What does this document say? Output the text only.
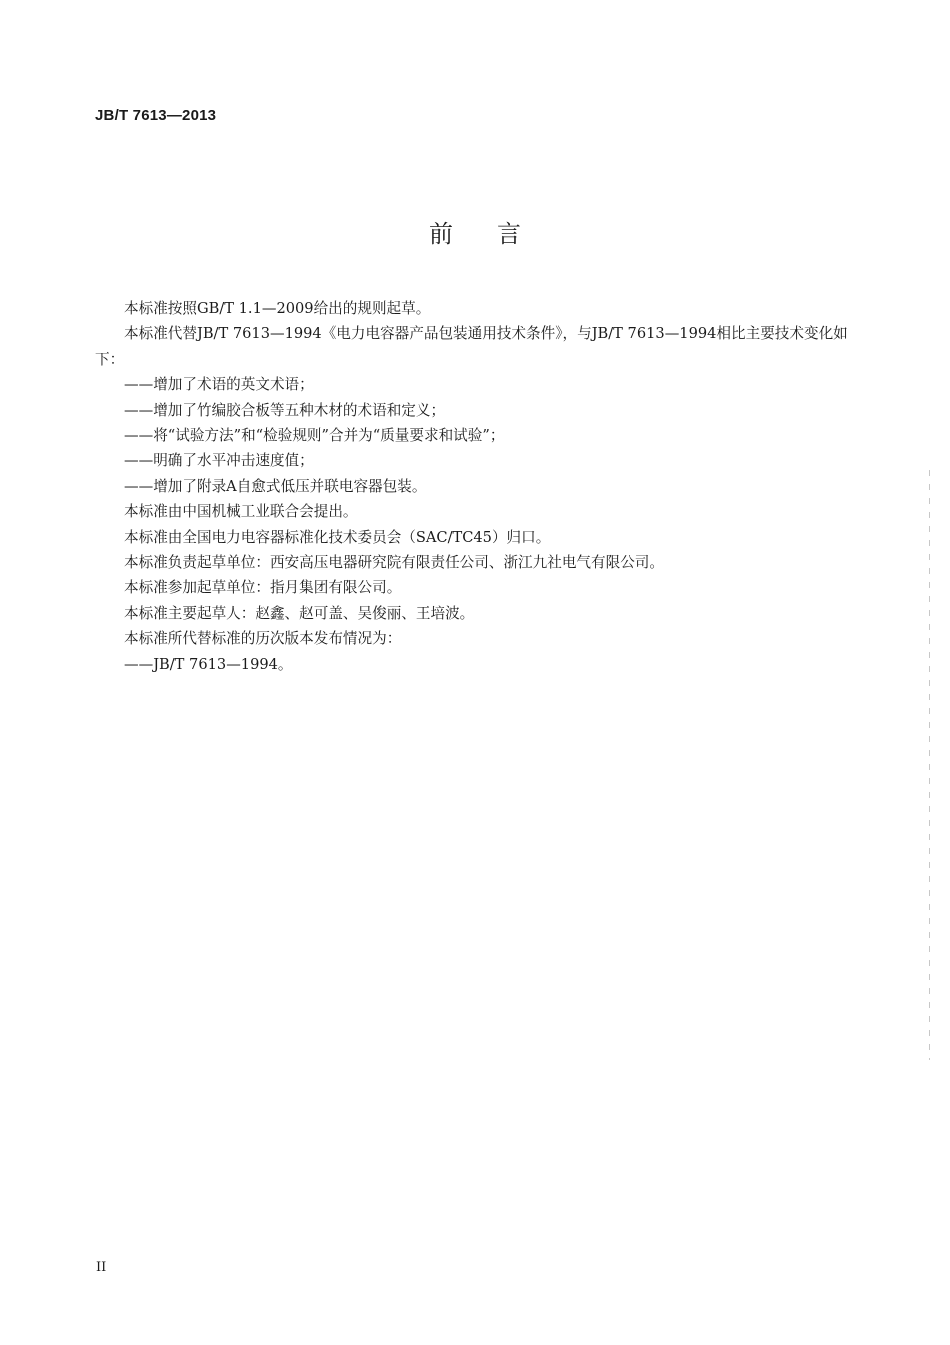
JB/T 7613—2013
前言

本标准按照GB/T 1.1—2009给出的规则起草。

本标准代替JB/T 7613—1994《电力电容器产品包装通用技术条件》，与JB/T 7613—1994相比主要技术变化如下：

——增加了术语的英文术语；

——增加了竹编胶合板等五种木材的术语和定义；

——将“试验方法”和“检验规则”合并为“质量要求和试验”；

——明确了水平冲击速度值；

——增加了附录A自愈式低压并联电容器包装。

本标准由中国机械工业联合会提出。

本标准由全国电力电容器标准化技术委员会（SAC/TC45）归口。

本标准负责起草单位：西安高压电器研究院有限责任公司、浙江九社电气有限公司。

本标准参加起草单位：指月集团有限公司。

本标准主要起草人：赵鑫、赵可盖、吴俊丽、王培波。

本标准所代替标准的历次版本发布情况为：

——JB/T 7613—1994。

II
